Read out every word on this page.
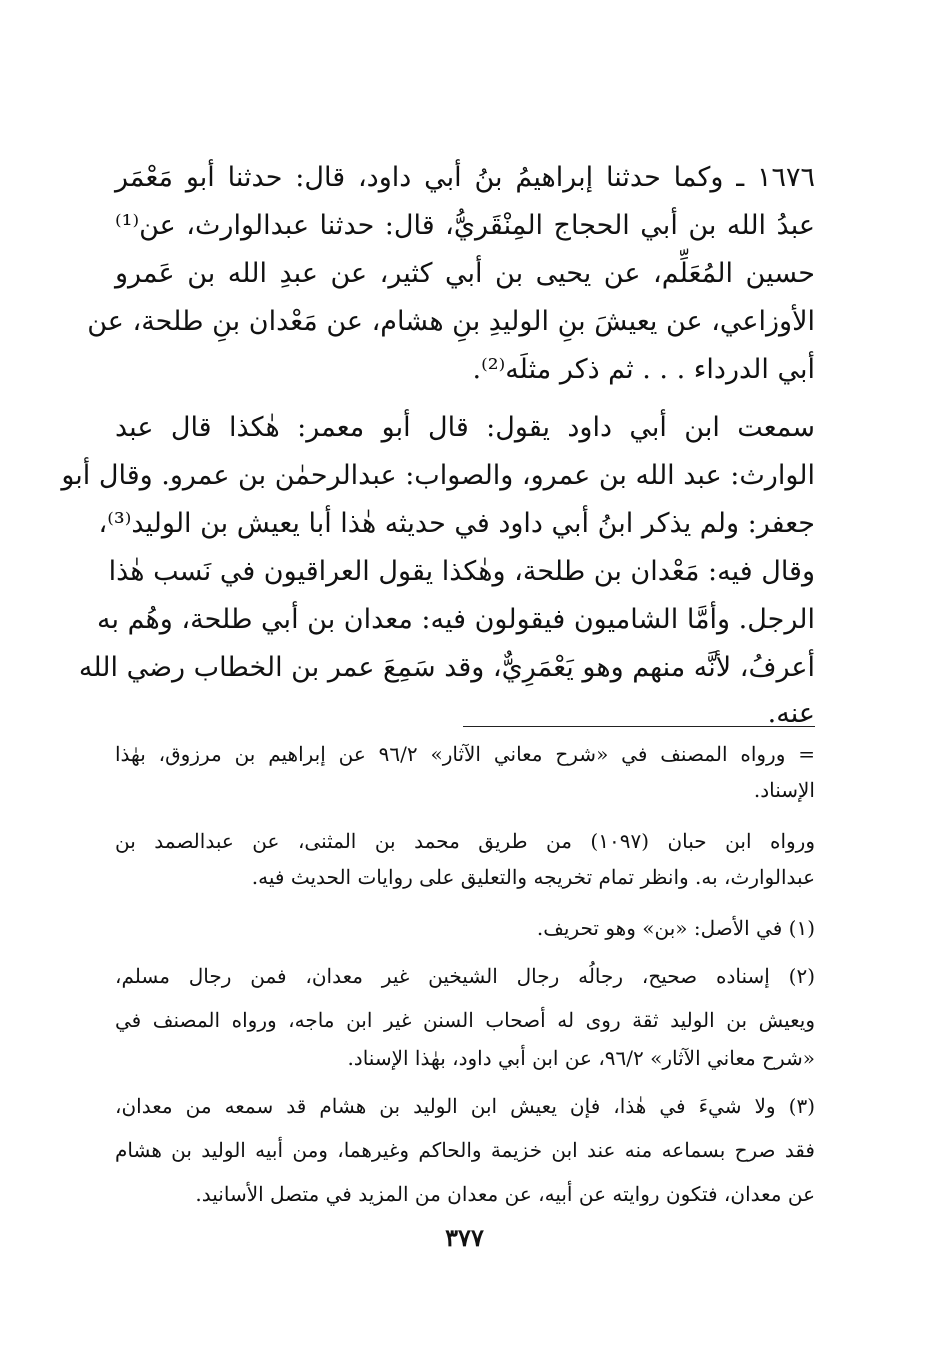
١٦٧٦ ـ وكما حدثنا إبراهيمُ بنُ أبي داود، قال: حدثنا أبو مَعْمَر
عبدُ الله بن أبي الحجاج المِنْقَريُّ، قال: حدثنا عبدالوارث، عن⁽¹⁾
حسين المُعَلِّم، عن يحيى بن أبي كثير، عن عبدِ الله بن عَمرو
الأوزاعي، عن يعيشَ بنِ الوليدِ بنِ هشام، عن مَعْدان بنِ طلحة، عن
أبي الدرداء . . . ثم ذكر مثلَه⁽²⁾.
سمعت ابن أبي داود يقول: قال أبو معمر: هٰكذا قال عبد
الوارث: عبد الله بن عمرو، والصواب: عبدالرحمٰن بن عمرو. وقال أبو
جعفر: ولم يذكر ابنُ أبي داود في حديثه هٰذا أبا يعيش بن الوليد⁽³⁾،
وقال فيه: مَعْدان بن طلحة، وهٰكذا يقول العراقيون في نَسب هٰذا
الرجل. وأمَّا الشاميون فيقولون فيه: معدان بن أبي طلحة، وهُم به
أعرفُ، لأنَّه منهم وهو يَعْمَرِيٌّ، وقد سَمِعَ عمر بن الخطاب رضي الله
عنه.
= ورواه المصنف في «شرح معاني الآثار» ٩٦/٢ عن إبراهيم بن مرزوق، بهٰذا
الإسناد.
ورواه ابن حبان (١٠٩٧) من طريق محمد بن المثنى، عن عبدالصمد بن
عبدالوارث، به. وانظر تمام تخريجه والتعليق على روايات الحديث فيه.
(١) في الأصل: «بن» وهو تحريف.
(٢) إسناده صحيح، رجالُه رجال الشيخين غير معدان، فمن رجال مسلم،
ويعيش بن الوليد ثقة روى له أصحاب السنن غير ابن ماجه، ورواه المصنف في
«شرح معاني الآثار» ٩٦/٢، عن ابن أبي داود، بهٰذا الإسناد.
(٣) ولا شيءَ في هٰذا، فإن يعيش ابن الوليد بن هشام قد سمعه من معدان،
فقد صرح بسماعه منه عند ابن خزيمة والحاكم وغيرهما، ومن أبيه الوليد بن هشام
عن معدان، فتكون روايته عن أبيه، عن معدان من المزيد في متصل الأسانيد.
٣٧٧
